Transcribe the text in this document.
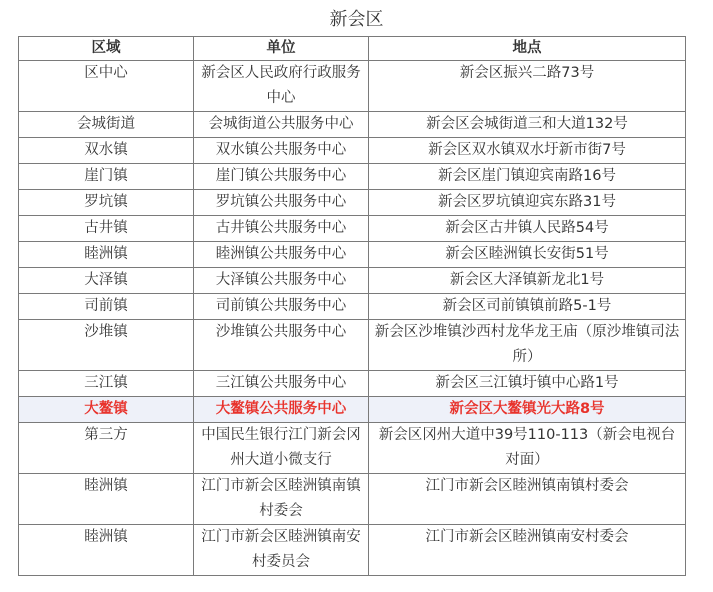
新会区
区域	单位	地点
区中心	新会区人民政府行政服务中心	新会区振兴二路73号
会城街道	会城街道公共服务中心	新会区会城街道三和大道132号
双水镇	双水镇公共服务中心	新会区双水镇双水圩新市街7号
崖门镇	崖门镇公共服务中心	新会区崖门镇迎宾南路16号
罗坑镇	罗坑镇公共服务中心	新会区罗坑镇迎宾东路31号
古井镇	古井镇公共服务中心	新会区古井镇人民路54号
睦洲镇	睦洲镇公共服务中心	新会区睦洲镇长安街51号
大泽镇	大泽镇公共服务中心	新会区大泽镇新龙北1号
司前镇	司前镇公共服务中心	新会区司前镇镇前路5-1号
沙堆镇	沙堆镇公共服务中心	新会区沙堆镇沙西村龙华龙王庙（原沙堆镇司法所）
三江镇	三江镇公共服务中心	新会区三江镇圩镇中心路1号
大鳌镇	大鳌镇公共服务中心	新会区大鳌镇光大路8号
第三方	中国民生银行江门新会冈州大道小微支行	新会区冈州大道中39号110-113（新会电视台对面）
睦洲镇	江门市新会区睦洲镇南镇村委会	江门市新会区睦洲镇南镇村委会
睦洲镇	江门市新会区睦洲镇南安村委员会	江门市新会区睦洲镇南安村委会
